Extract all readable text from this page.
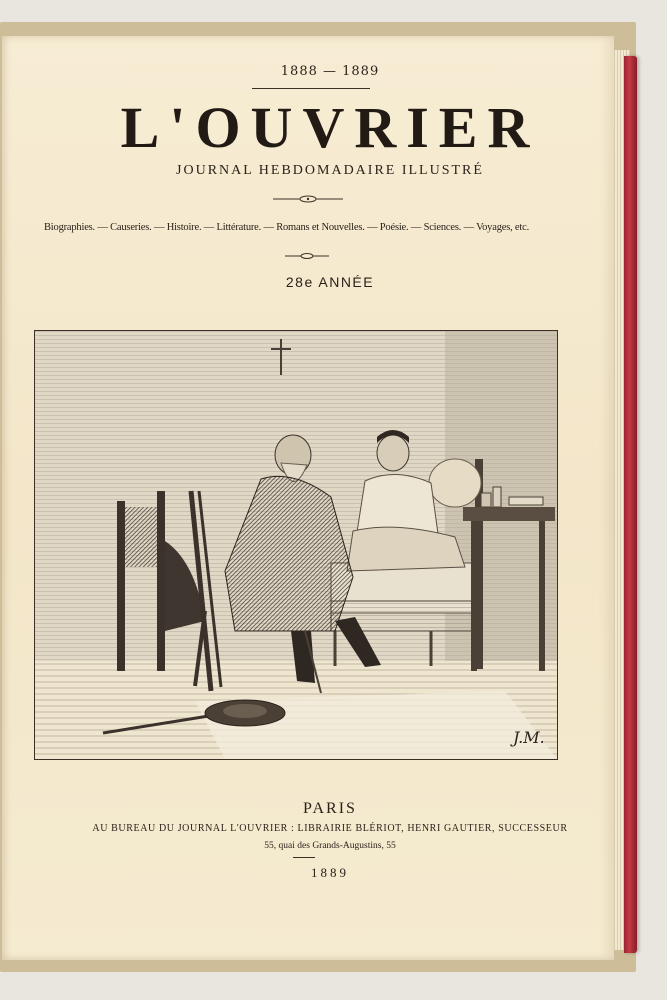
1888 — 1889
L'OUVRIER
JOURNAL HEBDOMADAIRE ILLUSTRÉ
Biographies. — Causeries. — Histoire. — Littérature. — Romans et Nouvelles. — Poésie. — Sciences. — Voyages, etc.
28e ANNÉE
J.M.
PARIS
AU BUREAU DU JOURNAL L'OUVRIER : LIBRAIRIE BLÉRIOT, HENRI GAUTIER, SUCCESSEUR
55, quai des Grands-Augustins, 55
1889
